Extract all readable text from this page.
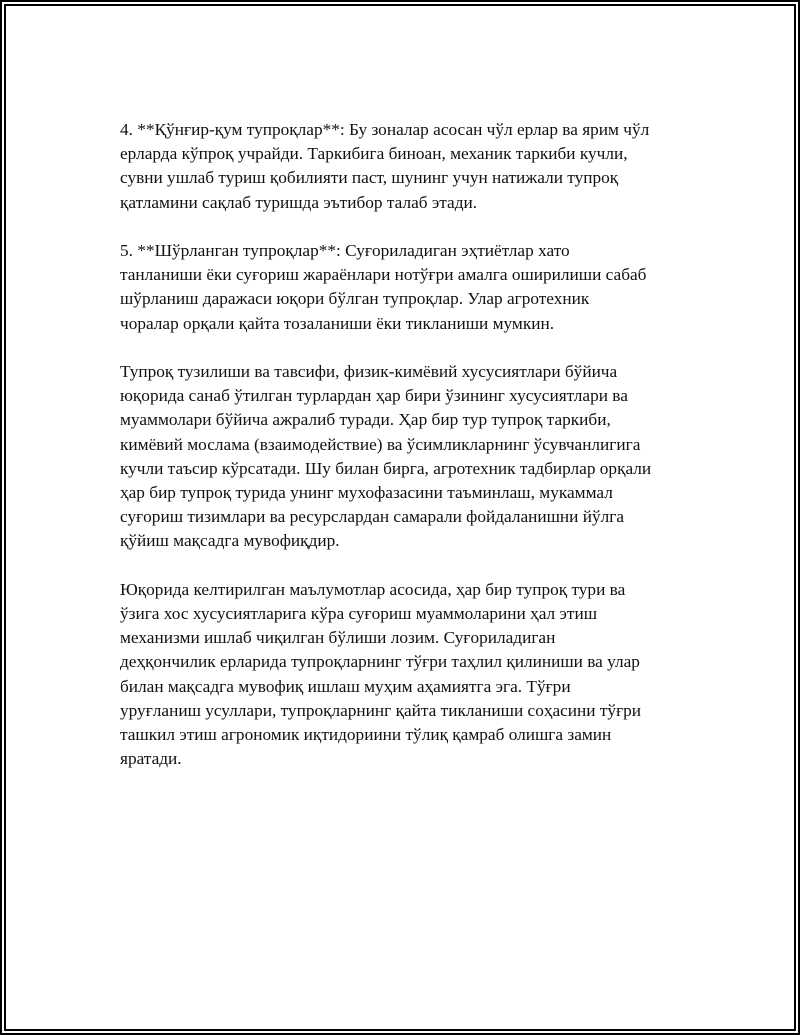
4. **Қўнғир-қум тупроқлар**: Бу зоналар асосан чўл ерлар ва ярим чўл
ерларда кўпроқ учрайди. Таркибига биноан, механик таркиби кучли,
сувни ушлаб туриш қобилияти паст, шунинг учун натижали тупроқ
қатламини сақлаб туришда эътибор талаб этади.

5. **Шўрланган тупроқлар**: Суғориладиган эҳтиётлар хато
танланиши ёки суғориш жараёнлари нотўғри амалга оширилиши сабаб
шўрланиш даражаси юқори бўлган тупроқлар. Улар агротехник
чоралар орқали қайта тозаланиши ёки тикланиши мумкин.

Тупроқ тузилиши ва тавсифи, физик-кимёвий хусусиятлари бўйича
юқорида санаб ўтилган турлардан ҳар бири ўзининг хусусиятлари ва
муаммолари бўйича ажралиб туради. Ҳар бир тур тупроқ таркиби,
кимёвий мослама (взаимодействие) ва ўсимликларнинг ўсувчанлигига
кучли таъсир кўрсатади. Шу билан бирга, агротехник тадбирлар орқали
ҳар бир тупроқ турида унинг мухофазасини таъминлаш, мукаммал
суғориш тизимлари ва ресурслардан самарали фойдаланишни йўлга
қўйиш мақсадга мувофиқдир.

Юқорида келтирилган маълумотлар асосида, ҳар бир тупроқ тури ва
ўзига хос хусусиятларига кўра суғориш муаммоларини ҳал этиш
механизми ишлаб чиқилган бўлиши лозим. Суғориладиган
деҳқончилик ерларида тупроқларнинг тўғри таҳлил қилиниши ва улар
билан мақсадга мувофиқ ишлаш муҳим аҳамиятга эга. Тўғри
уруғланиш усуллари, тупроқларнинг қайта тикланиши соҳасини тўғри
ташкил этиш агрономик иқтидориини тўлиқ қамраб олишга замин
яратади.
